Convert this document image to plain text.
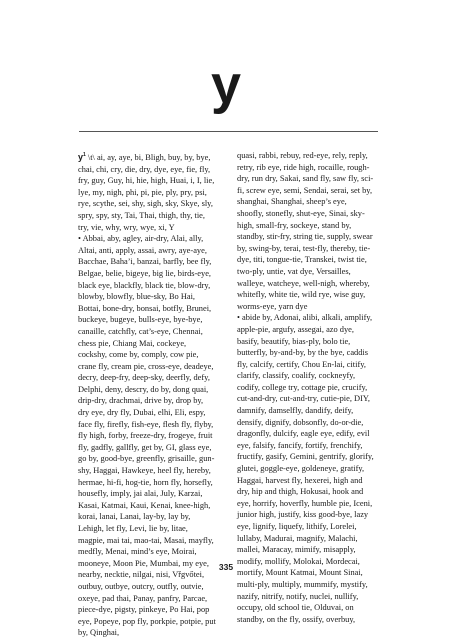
y

$y^1$ \t\ ai, ay, aye, bi, Bligh, buy, by, bye, chai, chi, cry, die, dry, dye, eye, fie, fly, fry, guy, Guy, hi, hie, high, Huai, i, I, lie, lye, my, nigh, phi, pi, pie, ply, pry, psi, rye, scythe, sei, shy, sigh, sky, Skye, sly, spry, spy, sty, Tai, Thai, thigh, thy, tie, try, vie, why, wry, wye, xi, Y

• Abbai, aby, agley, air-dry, Alai, ally, Altai, anti, apply, assai, awry, aye-aye, Bacchae, Baha’i, banzai, barfly, bee fly, Belgae, belie, bigeye, big lie, birds-eye, black eye, blackfly, black tie, blow-dry, blowby, blowfly, blue-sky, Bo Hai, Bottai, bone-dry, bonsai, botfly, Brunei, buckeye, bugeye, bulls-eye, bye-bye, canaille, catchfly, cat’s-eye, Chennai, chess pie, Chiang Mai, cockeye, cockshy, come by, comply, cow pie, crane fly, cream pie, cross-eye, deadeye, decry, deep-fry, deep-sky, deerfly, defy, Delphi, deny, descry, do by, dong quai, drip-dry, drachmai, drive by, drop by, dry eye, dry fly, Dubai, elhi, Eli, espy, face fly, firefly, fish-eye, flesh fly, flyby, fly high, forby, freeze-dry, frogeye, fruit fly, gadfly, gallfly, get by, GI, glass eye, go by, good-bye, greenfly, grisaille, gun-shy, Haggai, Hawkeye, heel fly, hereby, hermae, hi-fi, hog-tie, horn fly, horsefly, housefly, imply, jai alai, July, Karzai, Kasai, Katmai, Kaui, Kenai, knee-high, korai, lanai, Lanai, lay-by, lay by, Lehigh, let fly, Levi, lie by, litae, magpie, mai tai, mao-tai, Masai, mayfly, medfly, Menai, mind’s eye, Moirai, mooneye, Moon Pie, Mumbai, my eye, nearby, necktie, nilgai, nisi, Vřgvőtei, outbuy, outbye, outcry, outfly, outvie, oxeye, pad thai, Panay, panfry, Parcae, piece-dye, pigsty, pinkeye, Po Hai, pop eye, Popeye, pop fly, porkpie, potpie, put by, Qinghai,

quasi, rabbi, rebuy, red-eye, rely, reply, retry, rib eye, ride high, rocaille, rough-dry, run dry, Sakai, sand fly, saw fly, sci-fi, screw eye, semi, Sendai, serai, set by, shanghai, Shanghai, sheep’s eye, shoofly, stonefly, shut-eye, Sinai, sky-high, small-fry, sockeye, stand by, standby, stir-fry, string tie, supply, swear by, swing-by, terai, test-fly, thereby, tie-dye, titi, tongue-tie, Transkei, twist tie, two-ply, untie, vat dye, Versailles, walleye, watcheye, well-nigh, whereby, whitefly, white tie, wild rye, wise guy, worms-eye, yarn dye

• abide by, Adonai, alibi, alkali, amplify, apple-pie, argufy, assegai, azo dye, basify, beautify, bias-ply, bolo tie, butterfly, by-and-by, by the bye, caddis fly, calcify, certify, Chou En-lai, citify, clarify, classify, coalify, cockneyfy, codify, college try, cottage pie, crucify, cut-and-dry, cut-and-try, cutie-pie, DIY, damnify, damselfly, dandify, deify, densify, dignify, dobsonfly, do-or-die, dragonfly, dulcify, eagle eye, edify, evil eye, falsify, fancify, fortify, frenchify, fructify, gasify, Gemini, gentrify, glorify, glutei, goggle-eye, goldeneye, gratify, Haggai, harvest fly, hexerei, high and dry, hip and thigh, Hokusai, hook and eye, horrify, hoverfly, humble pie, Iceni, junior high, justify, kiss good-bye, lazy eye, lignify, liquefy, lithify, Lorelei, lullaby, Madurai, magnify, Malachi, mallei, Maracay, mimify, misapply, modify, mollify, Molokai, Mordecai, mortify, Mount Katmai, Mount Sinai, multi-ply, multiply, mummify, mystify, nazify, nitrify, notify, nuclei, nullify, occupy, old school tie, Olduvai, on standby, on the fly, ossify, overbuy,

335
